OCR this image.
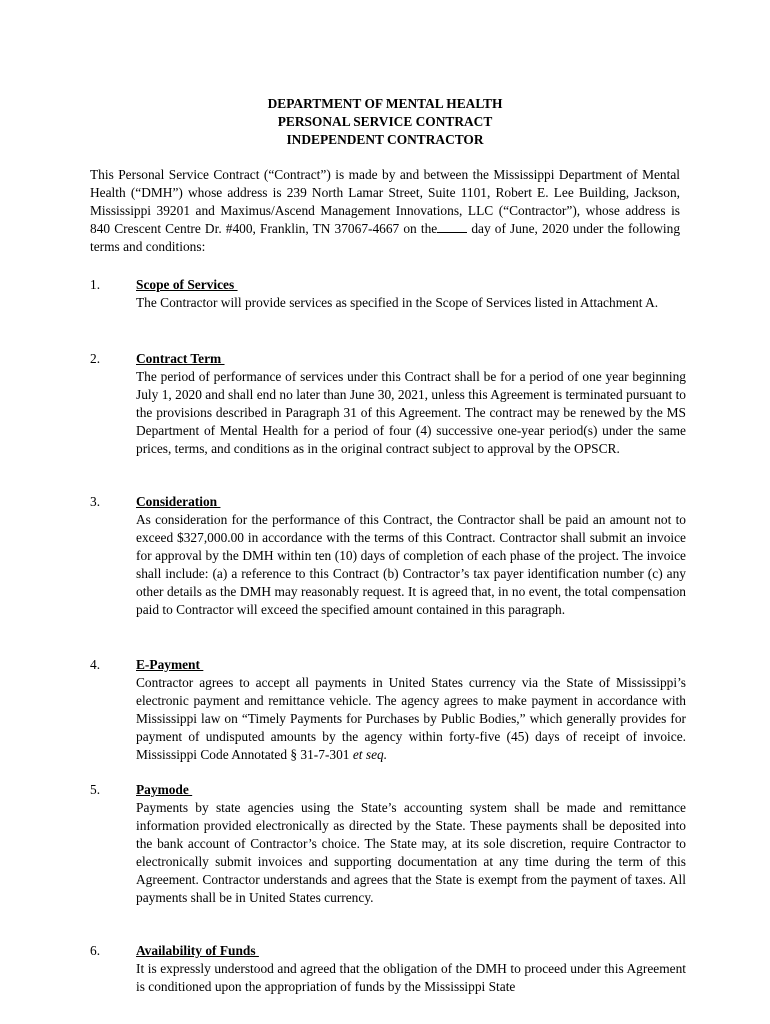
DEPARTMENT OF MENTAL HEALTH
PERSONAL SERVICE CONTRACT
INDEPENDENT CONTRACTOR
This Personal Service Contract (“Contract”) is made by and between the Mississippi Department of Mental Health (“DMH”) whose address is 239 North Lamar Street, Suite 1101, Robert E. Lee Building, Jackson, Mississippi 39201 and Maximus/Ascend Management Innovations, LLC (“Contractor”), whose address is 840 Crescent Centre Dr. #400, Franklin, TN 37067-4667 on the day of June, 2020 under the following terms and conditions:
1.	Scope of Services
The Contractor will provide services as specified in the Scope of Services listed in Attachment A.
2.	Contract Term
The period of performance of services under this Contract shall be for a period of one year beginning July 1, 2020 and shall end no later than June 30, 2021, unless this Agreement is terminated pursuant to the provisions described in Paragraph 31 of this Agreement. The contract may be renewed by the MS Department of Mental Health for a period of four (4) successive one-year period(s) under the same prices, terms, and conditions as in the original contract subject to approval by the OPSCR.
3.	Consideration
As consideration for the performance of this Contract, the Contractor shall be paid an amount not to exceed $327,000.00 in accordance with the terms of this Contract. Contractor shall submit an invoice for approval by the DMH within ten (10) days of completion of each phase of the project. The invoice shall include: (a) a reference to this Contract (b) Contractor’s tax payer identification number (c) any other details as the DMH may reasonably request. It is agreed that, in no event, the total compensation paid to Contractor will exceed the specified amount contained in this paragraph.
4.	E-Payment
Contractor agrees to accept all payments in United States currency via the State of Mississippi’s electronic payment and remittance vehicle. The agency agrees to make payment in accordance with Mississippi law on “Timely Payments for Purchases by Public Bodies,” which generally provides for payment of undisputed amounts by the agency within forty-five (45) days of receipt of invoice. Mississippi Code Annotated § 31-7-301 et seq.
5.	Paymode
Payments by state agencies using the State’s accounting system shall be made and remittance information provided electronically as directed by the State. These payments shall be deposited into the bank account of Contractor’s choice. The State may, at its sole discretion, require Contractor to electronically submit invoices and supporting documentation at any time during the term of this Agreement. Contractor understands and agrees that the State is exempt from the payment of taxes. All payments shall be in United States currency.
6.	Availability of Funds
It is expressly understood and agreed that the obligation of the DMH to proceed under this Agreement is conditioned upon the appropriation of funds by the Mississippi State
